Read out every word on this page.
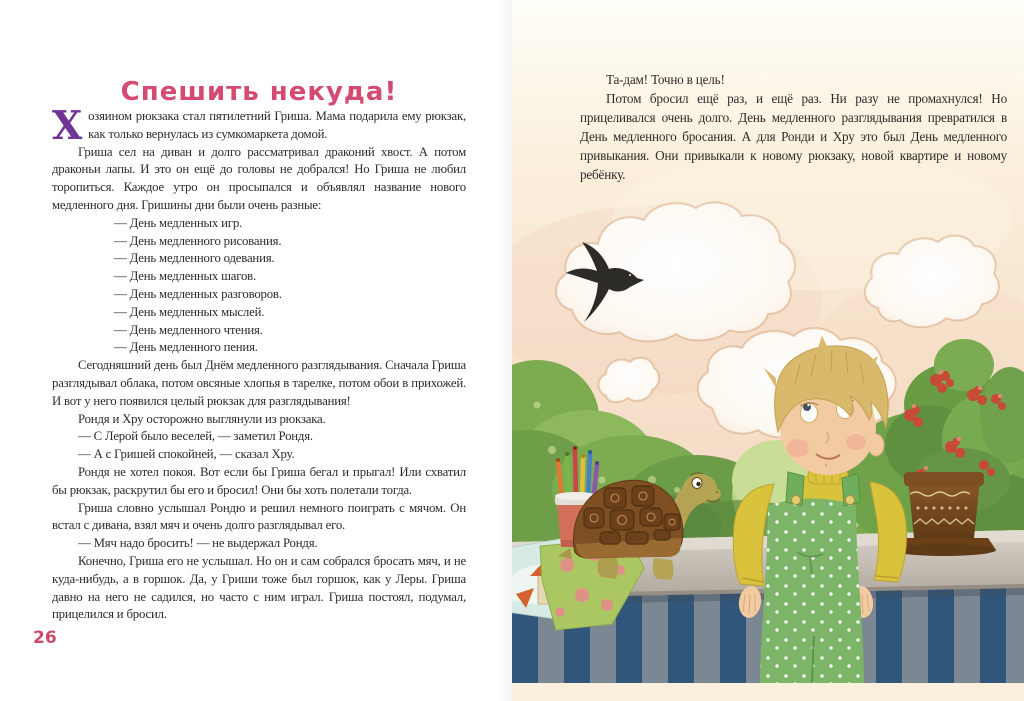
Спешить некуда!

Хозяином рюкзака стал пятилетний Гриша. Мама подарила ему рюкзак, как только вернулась из сумкомаркета домой.

Гриша сел на диван и долго рассматривал драконий хвост. А потом драконьи лапы. И это он ещё до головы не добрался! Но Гриша не любил торопиться. Каждое утро он просыпался и объявлял название нового медленного дня. Гришины дни были очень разные:

— День медленных игр.
— День медленного рисования.
— День медленного одевания.
— День медленных шагов.
— День медленных разговоров.
— День медленных мыслей.
— День медленного чтения.
— День медленного пения.

Сегодняшний день был Днём медленного разглядывания. Сначала Гриша разглядывал облака, потом овсяные хлопья в тарелке, потом обои в прихожей. И вот у него появился целый рюкзак для разглядывания!

Рондя и Хру осторожно выглянули из рюкзака.

— С Лерой было веселей, — заметил Рондя.

— А с Гришей спокойней, — сказал Хру.

Рондя не хотел покоя. Вот если бы Гриша бегал и прыгал! Или схватил бы рюкзак, раскрутил бы его и бросил! Они бы хоть полетали тогда.

Гриша словно услышал Рондю и решил немного поиграть с мячом. Он встал с дивана, взял мяч и очень долго разглядывал его.

— Мяч надо бросить! — не выдержал Рондя.

Конечно, Гриша его не услышал. Но он и сам собрался бросать мяч, и не куда-нибудь, а в горшок. Да, у Гриши тоже был горшок, как у Леры. Гриша давно на него не садился, но часто с ним играл. Гриша постоял, подумал, прицелился и бросил.

26

Та-дам! Точно в цель!

Потом бросил ещё раз, и ещё раз. Ни разу не промахнулся! Но прицеливался очень долго. День медленного разглядывания превратился в День медленного бросания. А для Ронди и Хру это был День медленного привыкания. Они привыкали к новому рюкзаку, новой квартире и новому ребёнку.
